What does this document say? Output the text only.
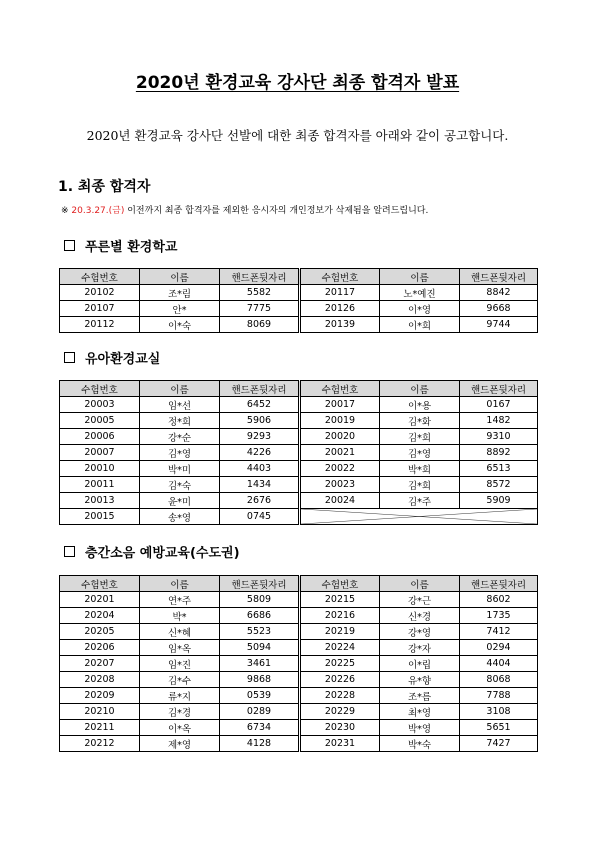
2020년 환경교육 강사단 최종 합격자 발표
2020년 환경교육 강사단 선발에 대한 최종 합격자를 아래와 같이 공고합니다.
1. 최종 합격자
※ 20.3.27.(금) 이전까지 최종 합격자를 제외한 응시자의 개인정보가 삭제됨을 알려드립니다.
푸른별 환경학교
수험번호	이름	핸드폰뒷자리	수험번호	이름	핸드폰뒷자리
20102	조*림	5582	20117	노*예진	8842
20107	안*	7775	20126	이*영	9668
20112	이*숙	8069	20139	이*희	9744
유아환경교실
수험번호	이름	핸드폰뒷자리	수험번호	이름	핸드폰뒷자리
20003	임*선	6452	20017	이*용	0167
20005	정*희	5906	20019	김*화	1482
20006	강*순	9293	20020	김*희	9310
20007	김*영	4226	20021	김*영	8892
20010	박*미	4403	20022	박*희	6513
20011	김*숙	1434	20023	김*희	8572
20013	윤*미	2676	20024	김*주	5909
20015	송*영	0745	
층간소음 예방교육(수도권)
수험번호	이름	핸드폰뒷자리	수험번호	이름	핸드폰뒷자리
20201	연*주	5809	20215	강*근	8602
20204	박*	6686	20216	신*경	1735
20205	신*혜	5523	20219	강*영	7412
20206	임*옥	5094	20224	강*자	0294
20207	임*진	3461	20225	이*립	4404
20208	김*수	9868	20226	유*향	8068
20209	류*지	0539	20228	조*름	7788
20210	김*경	0289	20229	최*영	3108
20211	이*옥	6734	20230	박*영	5651
20212	제*영	4128	20231	박*숙	7427
